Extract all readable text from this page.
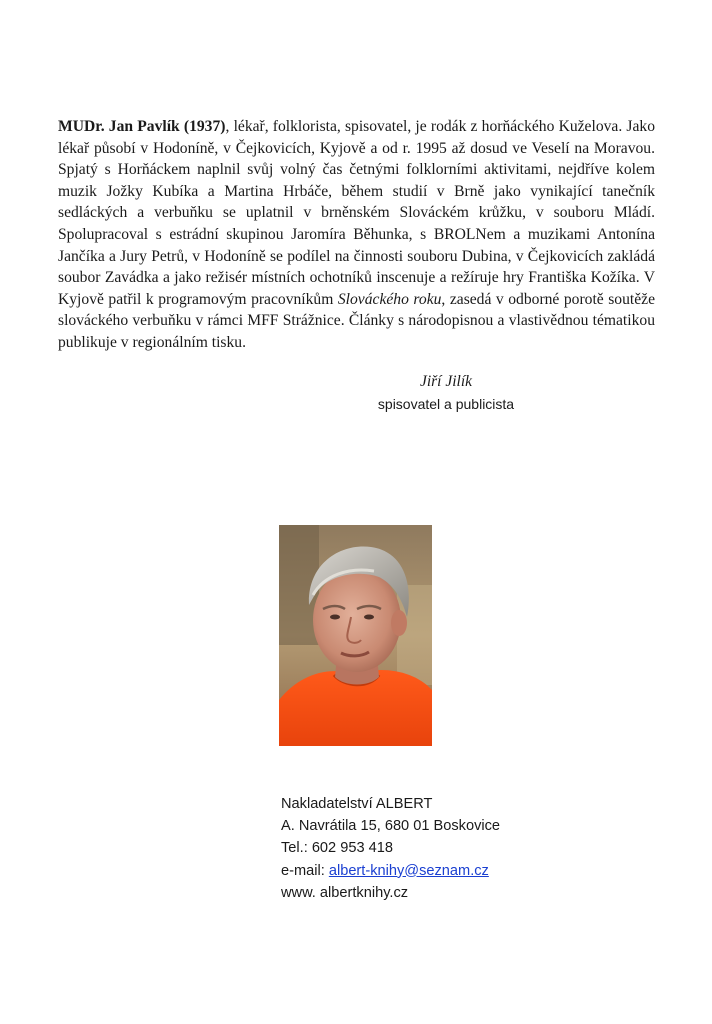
MUDr. Jan Pavlík (1937), lékař, folklorista, spisovatel, je rodák z horňáckého Kuželova. Jako lékař působí v Hodoníně, v Čejkovicích, Kyjově a od r. 1995 až dosud ve Veselí na Moravou. Spjatý s Horňáckem naplnil svůj volný čas četnými folklorními aktivitami, nejdříve kolem muzik Jožky Kubíka a Martina Hrbáče, během studií v Brně jako vynikající tanečník sedláckých a verbuňku se uplatnil v brněnském Slováckém krůžku, v souboru Mládí. Spolupracoval s estrádní skupinou Jaromíra Běhunka, s BROLNem a muzikami Antonína Jančíka a Jury Petrů, v Hodoníně se podílel na činnosti souboru Dubina, v Čejkovicích zakládá soubor Zavádka a jako režisér místních ochotníků inscenuje a režíruje hry Františka Kožíka. V Kyjově patřil k programovým pracovníkům Slováckého roku, zasedá v odborné porotě soutěže slováckého verbuňku v rámci MFF Strážnice. Články s národopisnou a vlastivědnou tématikou publikuje v regionálním tisku.

Jiří Jilík
spisovatel a publicista
Nakladatelství ALBERT
A. Navrátila 15, 680 01 Boskovice
Tel.: 602 953 418
e-mail: albert-knihy@seznam.cz
www. albertknihy.cz
